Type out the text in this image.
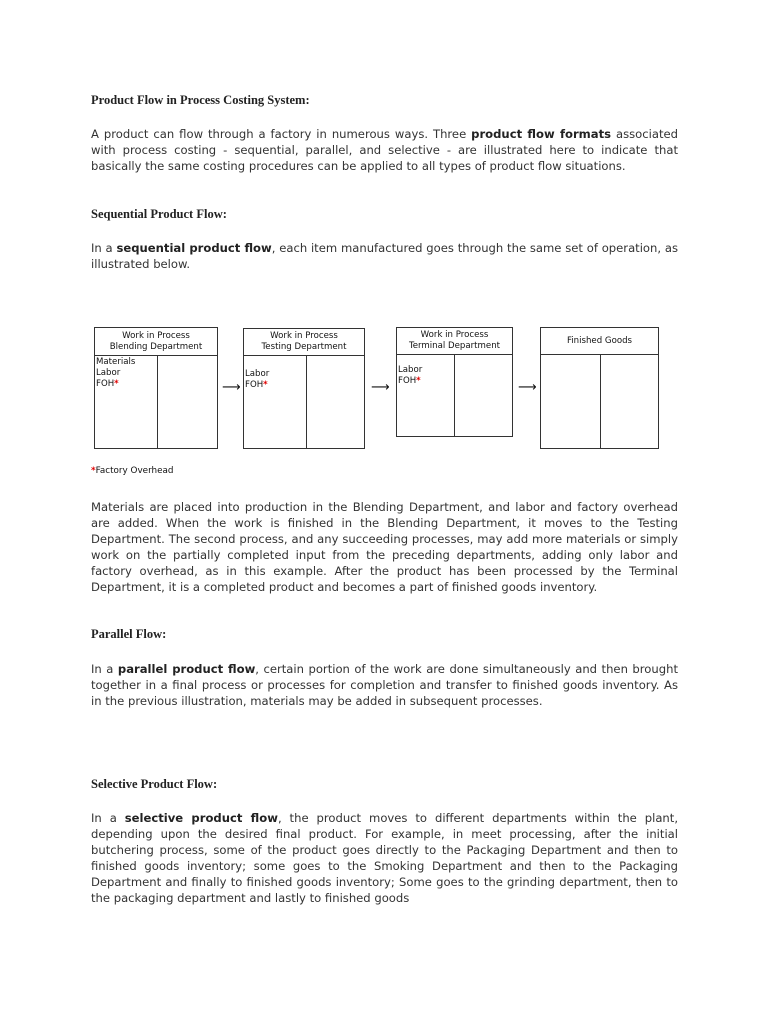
Product Flow in Process Costing System:

A product can flow through a factory in numerous ways. Three product flow formats associated with process costing - sequential, parallel, and selective - are illustrated here to indicate that basically the same costing procedures can be applied to all types of product flow situations.

Sequential Product Flow:

In a sequential product flow, each item manufactured goes through the same set of operation, as illustrated below.

Work in Process
Blending Department
Materials
Labor
FOH*	⟶
Work in Process
Testing Department
Labor
FOH*	⟶
Work in Process
Terminal Department
Labor
FOH*	⟶
Finished Goods
*Factory Overhead

Materials are placed into production in the Blending Department, and labor and factory overhead are added. When the work is finished in the Blending Department, it moves to the Testing Department. The second process, and any succeeding processes, may add more materials or simply work on the partially completed input from the preceding departments, adding only labor and factory overhead, as in this example. After the product has been processed by the Terminal Department, it is a completed product and becomes a part of finished goods inventory.

Parallel Flow:

In a parallel product flow, certain portion of the work are done simultaneously and then brought together in a final process or processes for completion and transfer to finished goods inventory. As in the previous illustration, materials may be added in subsequent processes.

Selective Product Flow:

In a selective product flow, the product moves to different departments within the plant, depending upon the desired final product. For example, in meet processing, after the initial butchering process, some of the product goes directly to the Packaging Department and then to finished goods inventory; some goes to the Smoking Department and then to the Packaging Department and finally to finished goods inventory; Some goes to the grinding department, then to the packaging department and lastly to finished goods
